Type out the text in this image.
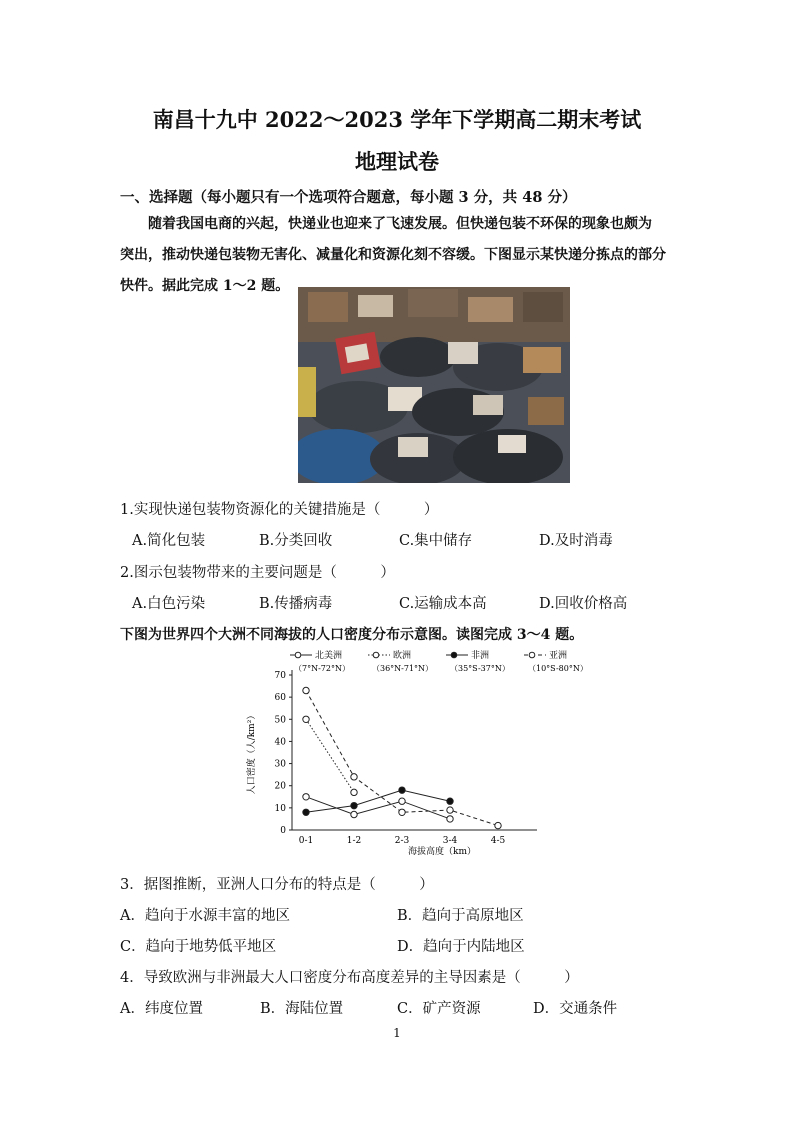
南昌十九中 2022～2023 学年下学期高二期末考试
地理试卷
一、选择题（每小题只有一个选项符合题意，每小题 3 分，共 48 分）
随着我国电商的兴起，快递业也迎来了飞速发展。但快递包装不环保的现象也颇为
突出，推动快递包装物无害化、减量化和资源化刻不容缓。下图显示某快递分拣点的部分
快件。据此完成 1～2 题。
1.实现快递包装物资源化的关键措施是（　　　）
A.简化包装	B.分类回收	C.集中储存	D.及时消毒
2.图示包装物带来的主要问题是（　　　）
A.白色污染	B.传播病毒	C.运输成本高	D.回收价格高
下图为世界四个大洲不同海拔的人口密度分布示意图。读图完成 3～4 题。
0
10
20
30
40
50
60
70
0-1	1-2	2-3	3-4	4-5
海拔高度（km）
人口密度（人/km²）
北美洲
（7°N-72°N）
欧洲
（36°N-71°N）
非洲
（35°S-37°N）
亚洲
（10°S-80°N）
3．据图推断，亚洲人口分布的特点是（　　　）
A．趋向于水源丰富的地区	B．趋向于高原地区
C．趋向于地势低平地区	D．趋向于内陆地区
4．导致欧洲与非洲最大人口密度分布高度差异的主导因素是（　　　）
A．纬度位置	B．海陆位置	C．矿产资源	D．交通条件
1
